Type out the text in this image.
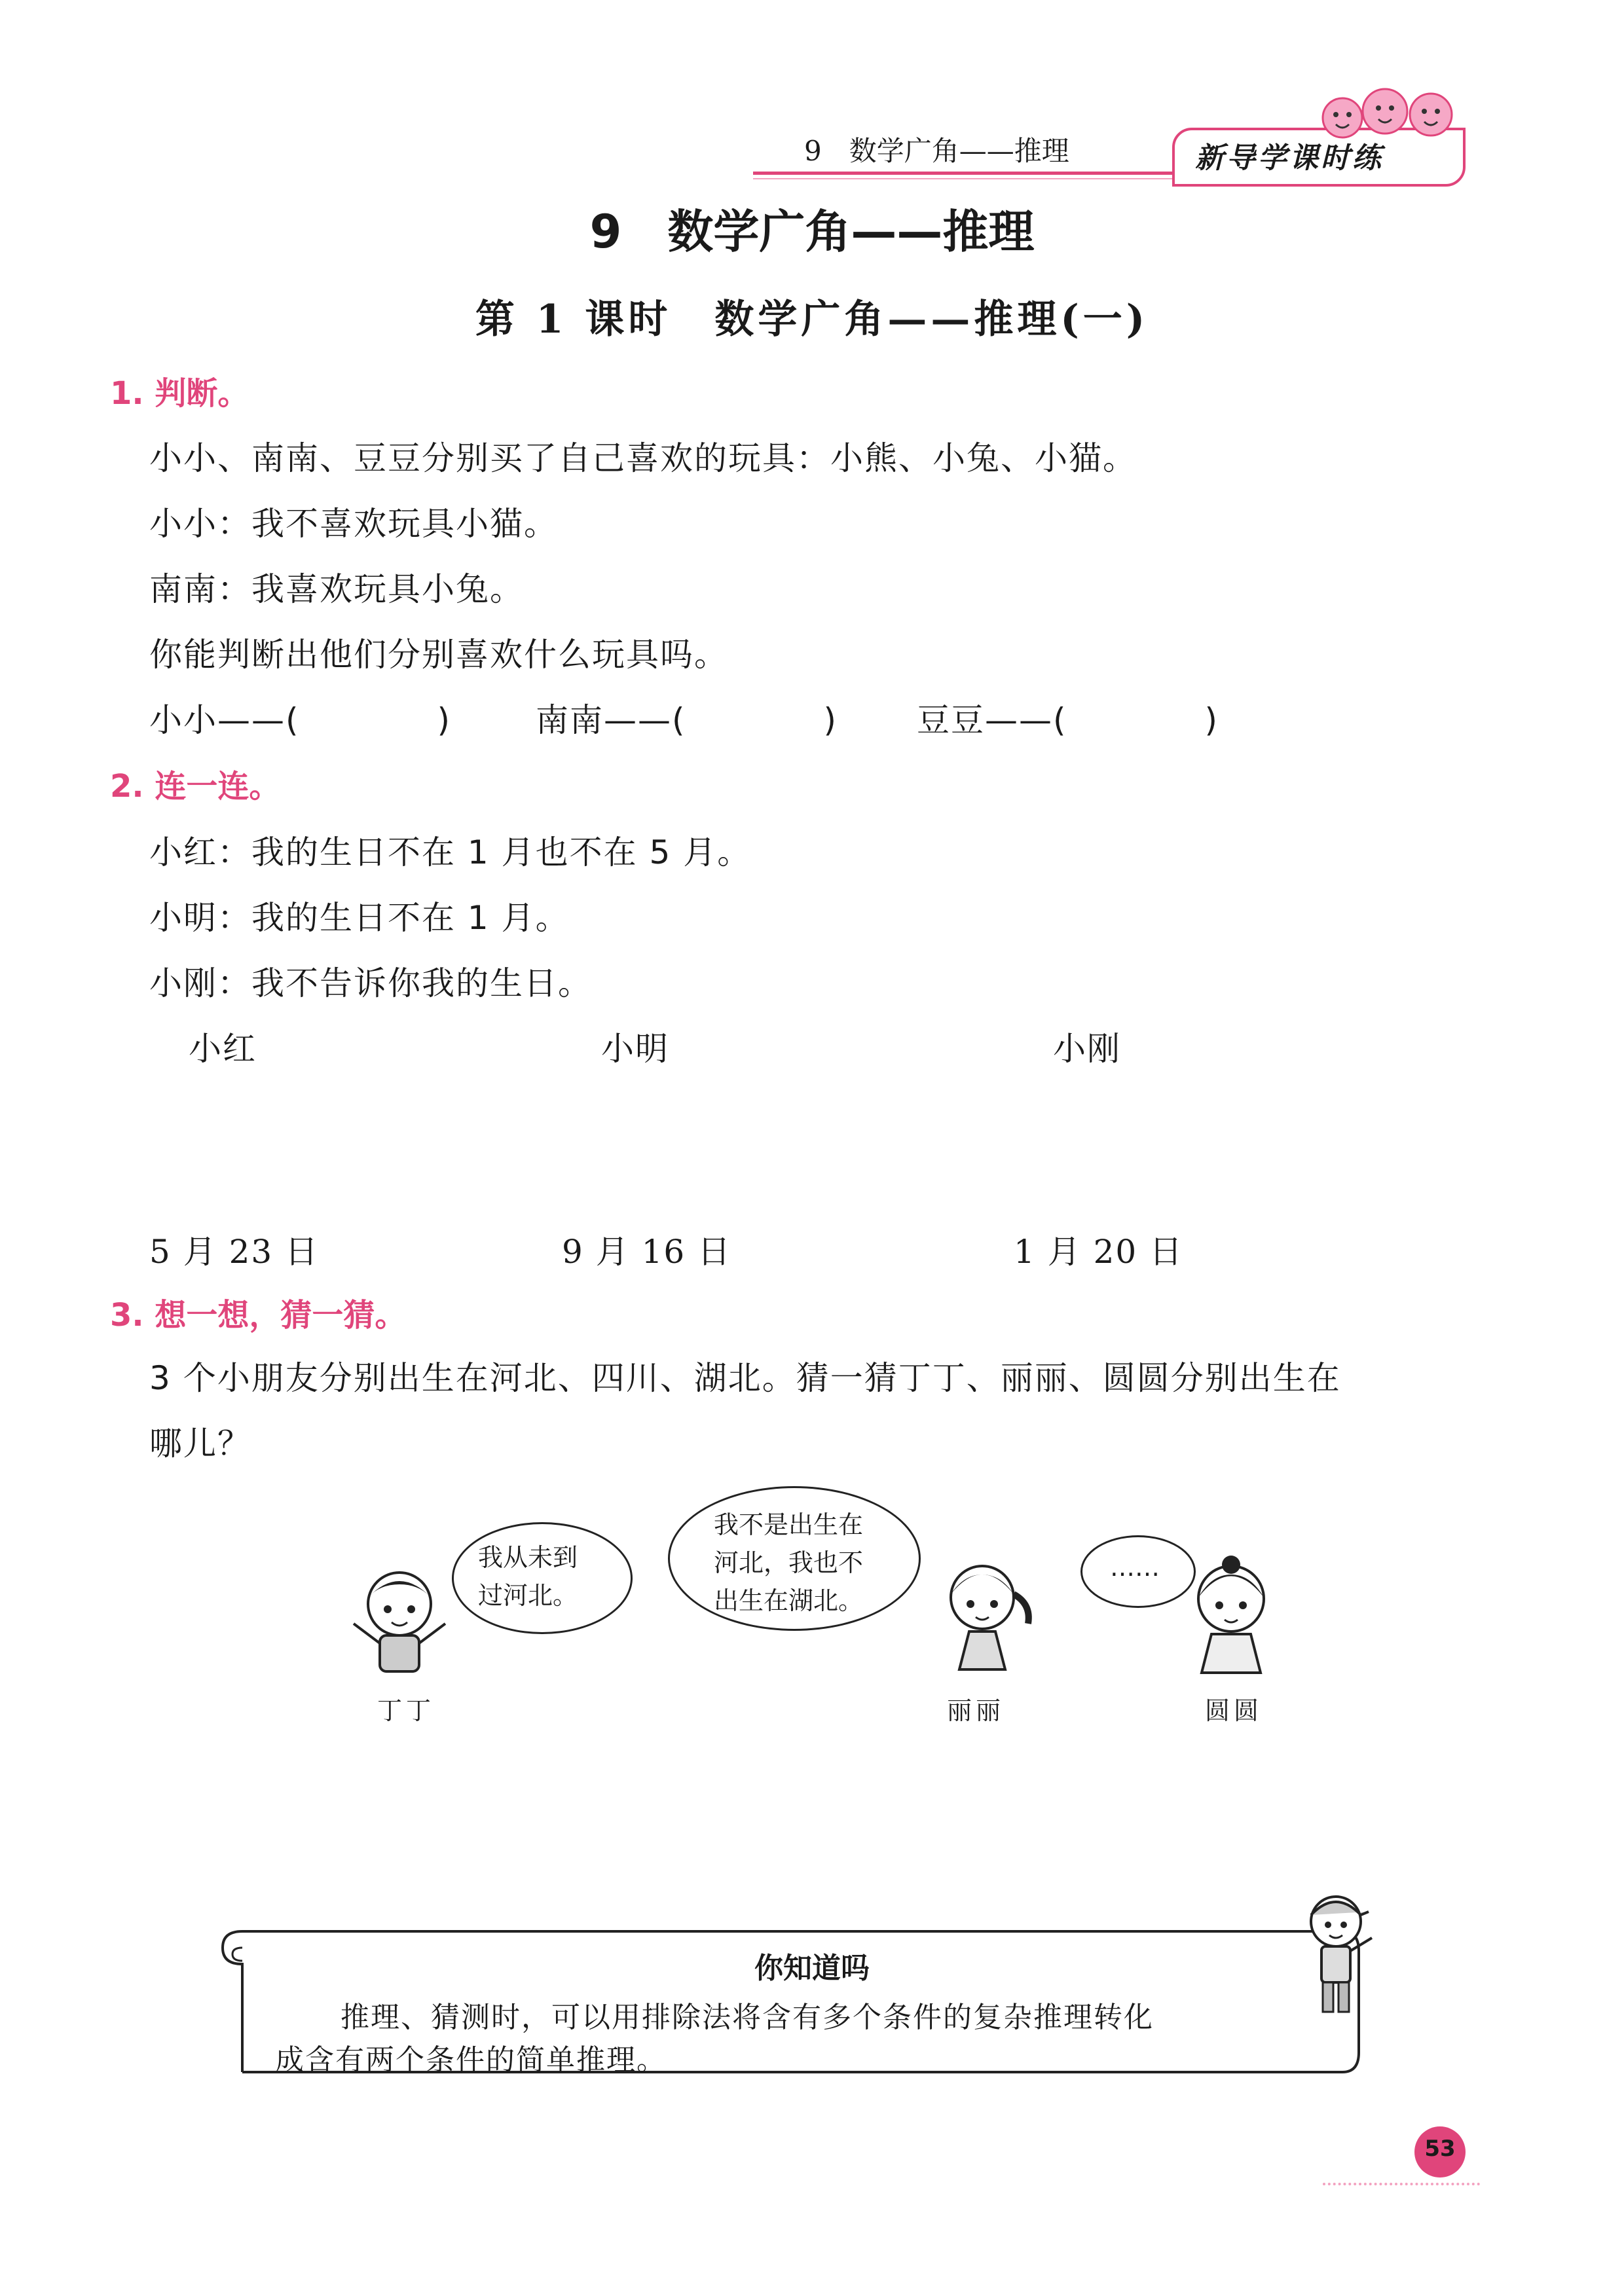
9　数学广角——推理	新导学课时练
9　数学广角——推理
第 1 课时　数学广角——推理(一)
1. 判断。
小小、南南、豆豆分别买了自己喜欢的玩具：小熊、小兔、小猫。
小小：我不喜欢玩具小猫。
南南：我喜欢玩具小兔。
你能判断出他们分别喜欢什么玩具吗。
小小——(	)	南南——(	) 豆豆——(	)
2. 连一连。
小红：我的生日不在 1 月也不在 5 月。
小明：我的生日不在 1 月。
小刚：我不告诉你我的生日。
小红	小明	小刚
5 月 23 日	9 月 16 日	1 月 20 日
3. 想一想，猜一猜。
3 个小朋友分别出生在河北、四川、湖北。猜一猜丁丁、丽丽、圆圆分别出生在
哪儿？
我从未到
过河北。
我不是出生在
河北，我也不
出生在湖北。
……
丁丁	丽丽	圆圆
你知道吗
推理、猜测时，可以用排除法将含有多个条件的复杂推理转化
成含有两个条件的简单推理。
53
